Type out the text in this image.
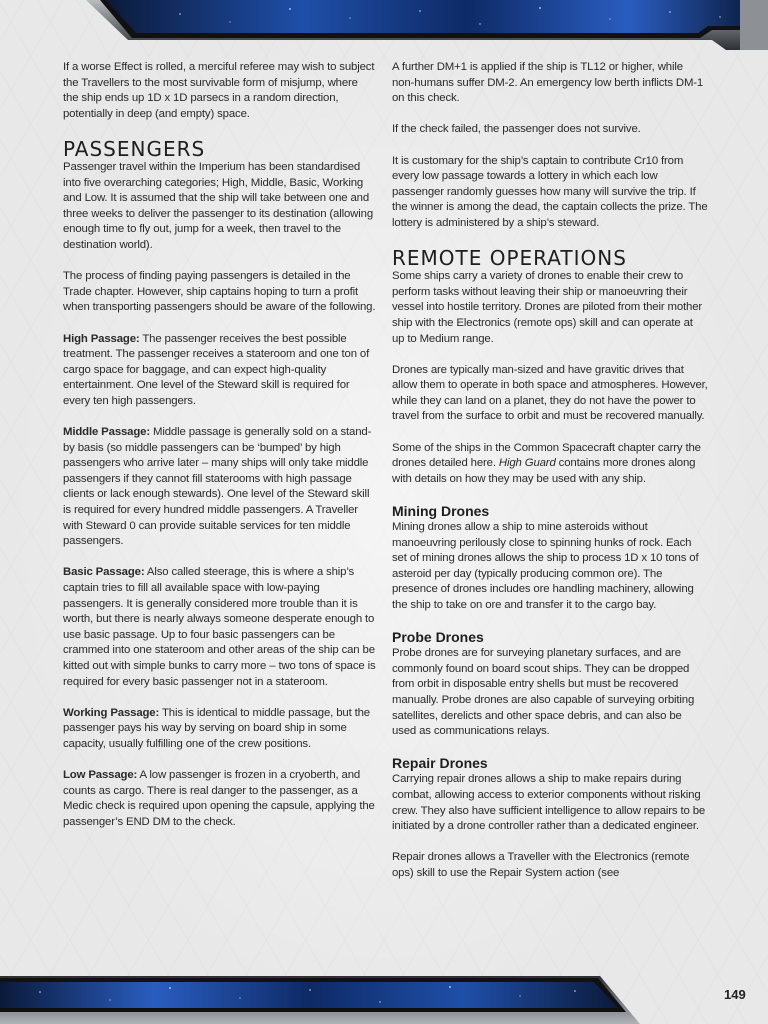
If a worse Effect is rolled, a merciful referee may wish to subject the Travellers to the most survivable form of misjump, where the ship ends up 1D x 1D parsecs in a random direction, potentially in deep (and empty) space.

PASSENGERS

Passenger travel within the Imperium has been standardised into five overarching categories; High, Middle, Basic, Working and Low. It is assumed that the ship will take between one and three weeks to deliver the passenger to its destination (allowing enough time to fly out, jump for a week, then travel to the destination world).

The process of finding paying passengers is detailed in the Trade chapter. However, ship captains hoping to turn a profit when transporting passengers should be aware of the following.

High Passage: The passenger receives the best possible treatment. The passenger receives a stateroom and one ton of cargo space for baggage, and can expect high-quality entertainment. One level of the Steward skill is required for every ten high passengers.

Middle Passage: Middle passage is generally sold on a stand-by basis (so middle passengers can be ‘bumped’ by high passengers who arrive later – many ships will only take middle passengers if they cannot fill staterooms with high passage clients or lack enough stewards). One level of the Steward skill is required for every hundred middle passengers. A Traveller with Steward 0 can provide suitable services for ten middle passengers.

Basic Passage: Also called steerage, this is where a ship’s captain tries to fill all available space with low-paying passengers. It is generally considered more trouble than it is worth, but there is nearly always someone desperate enough to use basic passage. Up to four basic passengers can be crammed into one stateroom and other areas of the ship can be kitted out with simple bunks to carry more – two tons of space is required for every basic passenger not in a stateroom.

Working Passage: This is identical to middle passage, but the passenger pays his way by serving on board ship in some capacity, usually fulfilling one of the crew positions.

Low Passage: A low passenger is frozen in a cryoberth, and counts as cargo. There is real danger to the passenger, as a Medic check is required upon opening the capsule, applying the passenger’s END DM to the check.

A further DM+1 is applied if the ship is TL12 or higher, while non-humans suffer DM-2. An emergency low berth inflicts DM-1 on this check.

If the check failed, the passenger does not survive.

It is customary for the ship’s captain to contribute Cr10 from every low passage towards a lottery in which each low passenger randomly guesses how many will survive the trip. If the winner is among the dead, the captain collects the prize. The lottery is administered by a ship’s steward.

REMOTE OPERATIONS

Some ships carry a variety of drones to enable their crew to perform tasks without leaving their ship or manoeuvring their vessel into hostile territory. Drones are piloted from their mother ship with the Electronics (remote ops) skill and can operate at up to Medium range.

Drones are typically man-sized and have gravitic drives that allow them to operate in both space and atmospheres. However, while they can land on a planet, they do not have the power to travel from the surface to orbit and must be recovered manually.

Some of the ships in the Common Spacecraft chapter carry the drones detailed here. High Guard contains more drones along with details on how they may be used with any ship.

Mining Drones

Mining drones allow a ship to mine asteroids without manoeuvring perilously close to spinning hunks of rock. Each set of mining drones allows the ship to process 1D x 10 tons of asteroid per day (typically producing common ore). The presence of drones includes ore handling machinery, allowing the ship to take on ore and transfer it to the cargo bay.

Probe Drones

Probe drones are for surveying planetary surfaces, and are commonly found on board scout ships. They can be dropped from orbit in disposable entry shells but must be recovered manually. Probe drones are also capable of surveying orbiting satellites, derelicts and other space debris, and can also be used as communications relays.

Repair Drones

Carrying repair drones allows a ship to make repairs during combat, allowing access to exterior components without risking crew. They also have sufficient intelligence to allow repairs to be initiated by a drone controller rather than a dedicated engineer.

Repair drones allows a Traveller with the Electronics (remote ops) skill to use the Repair System action (see

149
